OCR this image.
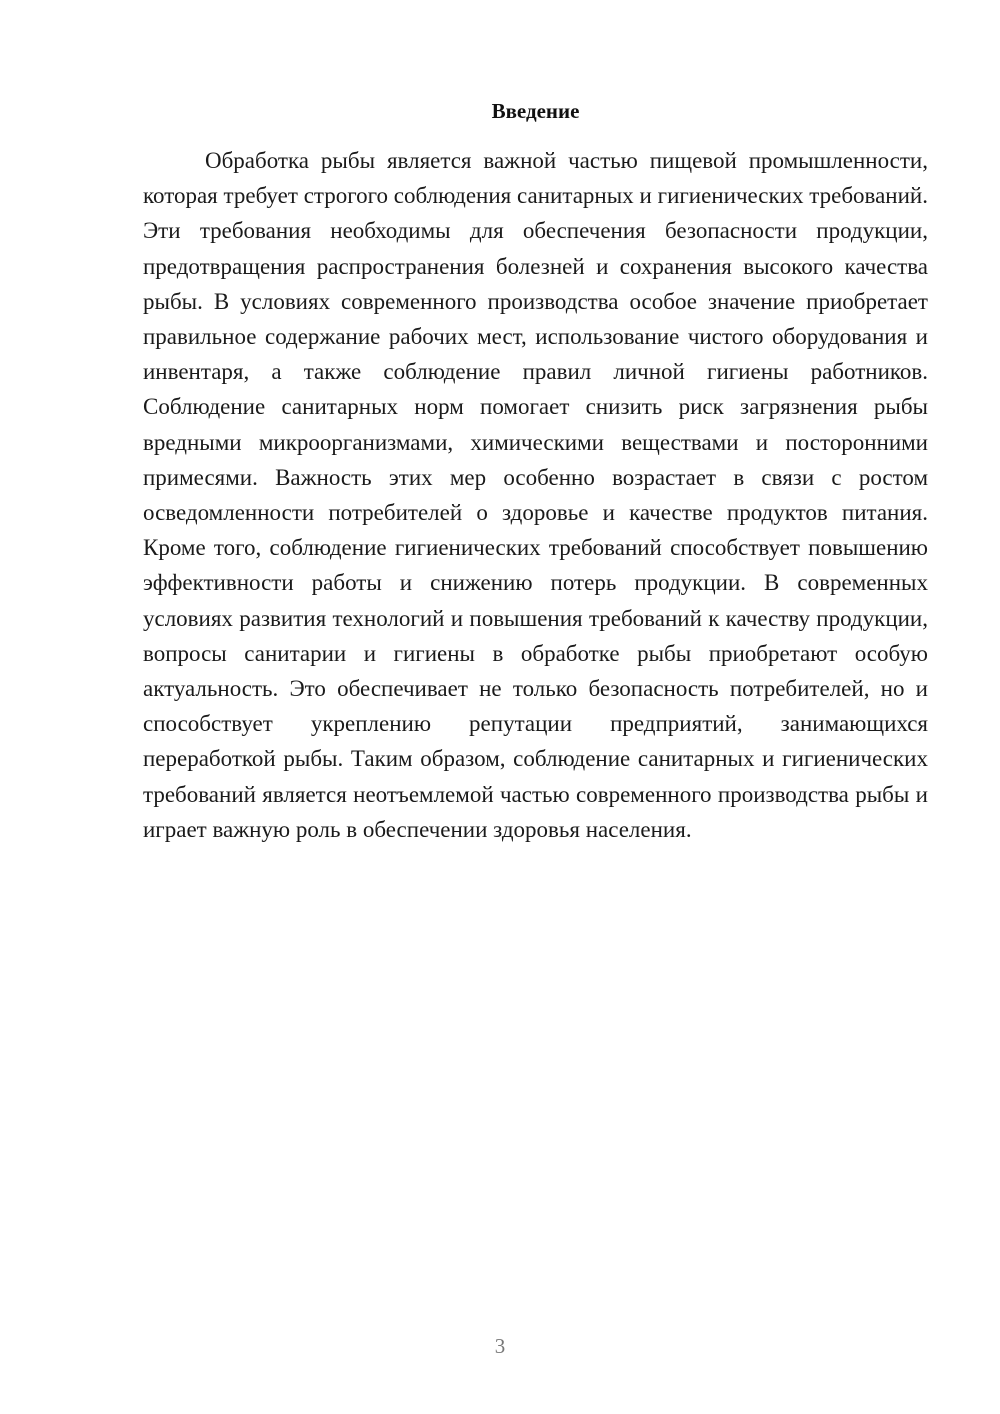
Введение

Обработка рыбы является важной частью пищевой промышленности, которая требует строгого соблюдения санитарных и гигиенических требований. Эти требования необходимы для обеспечения безопасности продукции, предотвращения распространения болезней и сохранения высокого качества рыбы. В условиях современного производства особое значение приобретает правильное содержание рабочих мест, использование чистого оборудования и инвентаря, а также соблюдение правил личной гигиены работников. Соблюдение санитарных норм помогает снизить риск загрязнения рыбы вредными микроорганизмами, химическими веществами и посторонними примесями. Важность этих мер особенно возрастает в связи с ростом осведомленности потребителей о здоровье и качестве продуктов питания. Кроме того, соблюдение гигиенических требований способствует повышению эффективности работы и снижению потерь продукции. В современных условиях развития технологий и повышения требований к качеству продукции, вопросы санитарии и гигиены в обработке рыбы приобретают особую актуальность. Это обеспечивает не только безопасность потребителей, но и способствует укреплению репутации предприятий, занимающихся переработкой рыбы. Таким образом, соблюдение санитарных и гигиенических требований является неотъемлемой частью современного производства рыбы и играет важную роль в обеспечении здоровья населения.

3
